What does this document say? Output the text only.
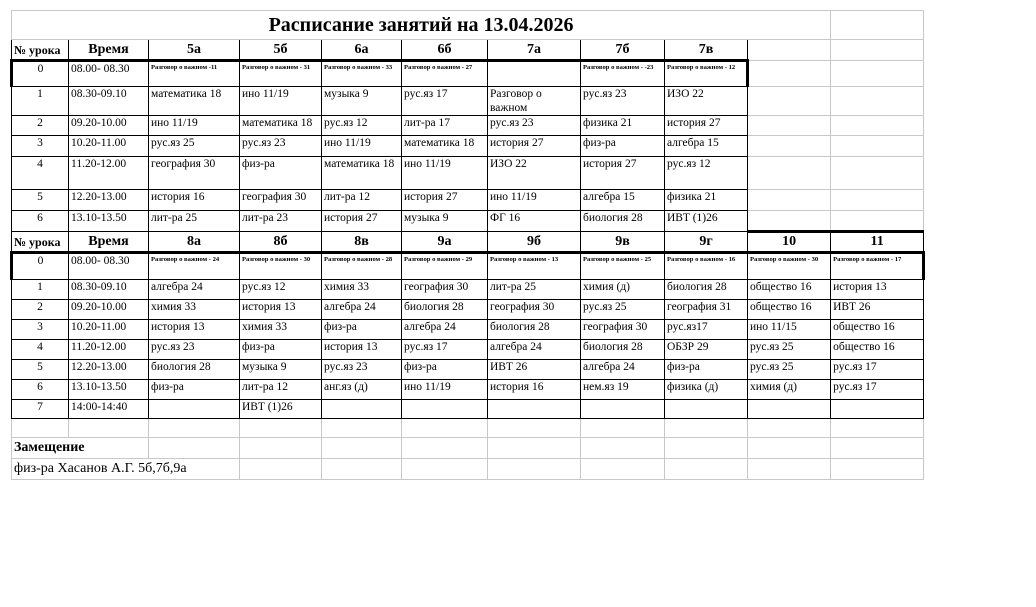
Расписание занятий на 13.04.2026										
№ урока	Время	5а	5б	6а	6б	7а	7б	7в		
0	08.00- 08.30	Разговор о важном -11	Разговор о важном - 31	Разговор о важном - 33	Разговор о важном - 27		Разговор о важном - -23	Разговор о важном - 12		
1	08.30-09.10	математика 18	ино 11/19	музыка 9	рус.яз 17	Разговор о важном	рус.яз 23	ИЗО 22		
2	09.20-10.00	ино 11/19	математика 18	рус.яз 12	лит-ра 17	рус.яз 23	физика 21	история 27		
3	10.20-11.00	рус.яз 25	рус.яз 23	ино 11/19	математика 18	история 27	физ-ра	алгебра 15		
4	11.20-12.00	география 30	физ-ра	математика 18	ино 11/19	ИЗО 22	история 27	рус.яз 12		
5	12.20-13.00	история 16	география 30	лит-ра 12	история 27	ино 11/19	алгебра 15	физика 21		
6	13.10-13.50	лит-ра 25	лит-ра 23	история 27	музыка 9	ФГ 16	биология 28	ИВТ (1)26		
№ урока	Время	8а	8б	8в	9а	9б	9в	9г	10	11
0	08.00- 08.30	Разговор о важном - 24	Разговор о важном - 30	Разговор о важном - 28	Разговор о важном - 29	Разговор о важном - 13	Разговор о важном - 25	Разговор о важном - 16	Разговор о важном - 30	Разговор о важном - 17
1	08.30-09.10	алгебра 24	рус.яз 12	химия 33	география 30	лит-ра 25	химия (д)	биология 28	общество 16	история 13
2	09.20-10.00	химия 33	история 13	алгебра 24	биология 28	география 30	рус.яз 25	география 31	общество 16	ИВТ 26
3	10.20-11.00	история 13	химия 33	физ-ра	алгебра 24	биология 28	география 30	рус.яз17	ино 11/15	общество 16
4	11.20-12.00	рус.яз 23	физ-ра	история 13	рус.яз 17	алгебра 24	биология 28	ОБЗР 29	рус.яз 25	общество 16
5	12.20-13.00	биология 28	музыка 9	рус.яз 23	физ-ра	ИВТ 26	алгебра 24	физ-ра	рус.яз 25	рус.яз 17
6	13.10-13.50	физ-ра	лит-ра 12	анг.яз (д)	ино 11/19	история 16	нем.яз 19	физика (д)	химия (д)	рус.яз 17
7	14:00-14:40		ИВТ (1)26							

Замещение										
физ-ра Хасанов А.Г. 5б,7б,9а										
